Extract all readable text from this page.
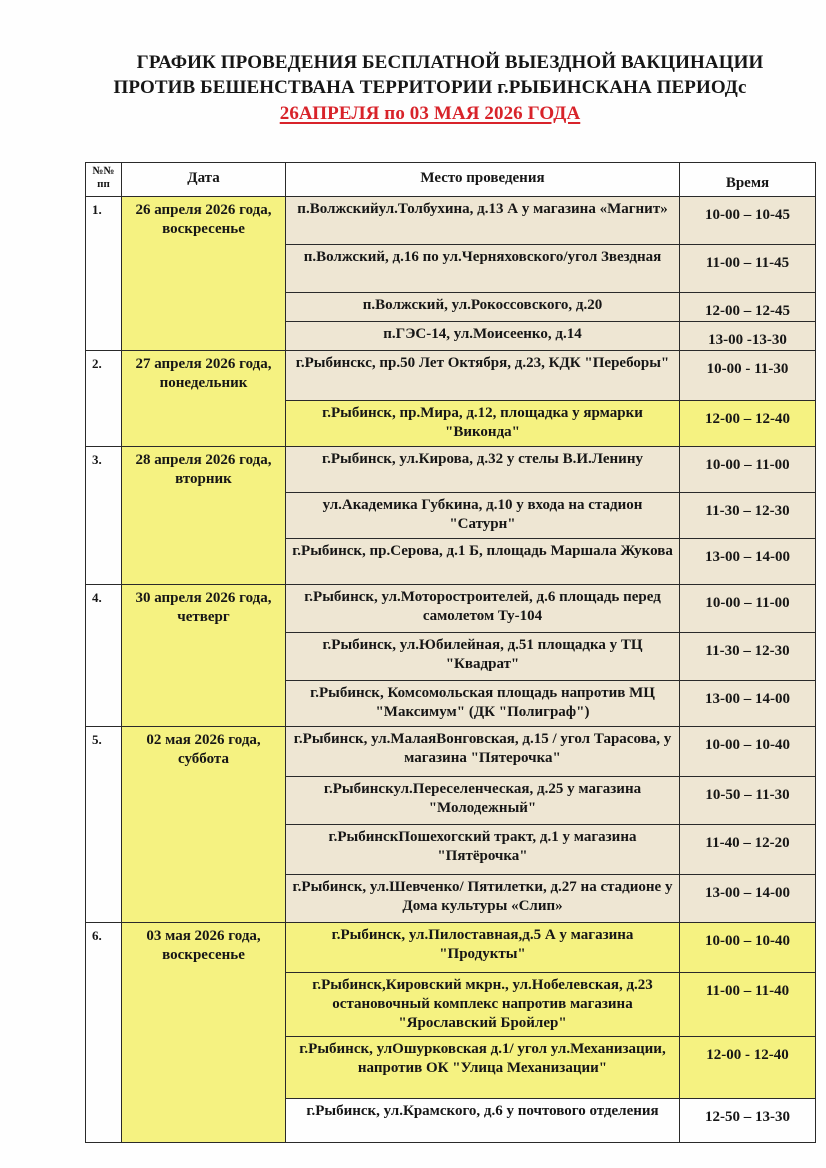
ГРАФИК ПРОВЕДЕНИЯ БЕСПЛАТНОЙ ВЫЕЗДНОЙ ВАКЦИНАЦИИ
ПРОТИВ БЕШЕНСТВАНА ТЕРРИТОРИИ г.РЫБИНСКАНА ПЕРИОДс
26АПРЕЛЯ по 03 МАЯ 2026 ГОДА
№№ пп	Дата	Место проведения	Время
1.	26 апреля 2026 года, воскресенье	п.Волжскийул.Толбухина, д.13 А у магазина «Магнит»	10-00 – 10-45
		п.Волжский, д.16 по ул.Черняховского/угол Звездная	11-00 – 11-45
		п.Волжский, ул.Рокоссовского, д.20	12-00 – 12-45
		п.ГЭС-14, ул.Моисеенко, д.14	13-00 -13-30
2.	27 апреля 2026 года, понедельник	г.Рыбинскс, пр.50 Лет Октября, д.23, КДК "Переборы"	10-00 - 11-30
		г.Рыбинск, пр.Мира, д.12, площадка у ярмарки "Виконда"	12-00 – 12-40
3.	28 апреля 2026 года, вторник	г.Рыбинск, ул.Кирова, д.32 у стелы В.И.Ленину	10-00 – 11-00
		ул.Академика Губкина, д.10 у входа на стадион "Сатурн"	11-30 – 12-30
		г.Рыбинск, пр.Серова, д.1 Б, площадь Маршала Жукова	13-00 – 14-00
4.	30 апреля 2026 года, четверг	г.Рыбинск, ул.Моторостроителей, д.6 площадь перед самолетом Ту-104	10-00 – 11-00
		г.Рыбинск, ул.Юбилейная, д.51 площадка у ТЦ "Квадрат"	11-30 – 12-30
		г.Рыбинск, Комсомольская площадь напротив МЦ "Максимум" (ДК "Полиграф")	13-00 – 14-00
5.	02 мая 2026 года, суббота	г.Рыбинск, ул.МалаяВонговская, д.15 / угол Тарасова, у магазина "Пятерочка"	10-00 – 10-40
		г.Рыбинскул.Переселенческая, д.25 у магазина "Молодежный"	10-50 – 11-30
		г.РыбинскПошехогский тракт, д.1 у магазина "Пятёрочка"	11-40 – 12-20
		г.Рыбинск, ул.Шевченко/ Пятилетки, д.27 на стадионе у Дома культуры «Слип»	13-00 – 14-00
6.	03 мая 2026 года, воскресенье	г.Рыбинск, ул.Пилоставная,д.5 А у магазина "Продукты"	10-00 – 10-40
		г.Рыбинск,Кировский мкрн., ул.Нобелевская, д.23 остановочный комплекс напротив магазина "Ярославский Бройлер"	11-00 – 11-40
		г.Рыбинск, улОшурковская д.1/ угол ул.Механизации, напротив ОК "Улица Механизации"	12-00 - 12-40
		г.Рыбинск, ул.Крамского, д.6 у почтового отделения	12-50 – 13-30
